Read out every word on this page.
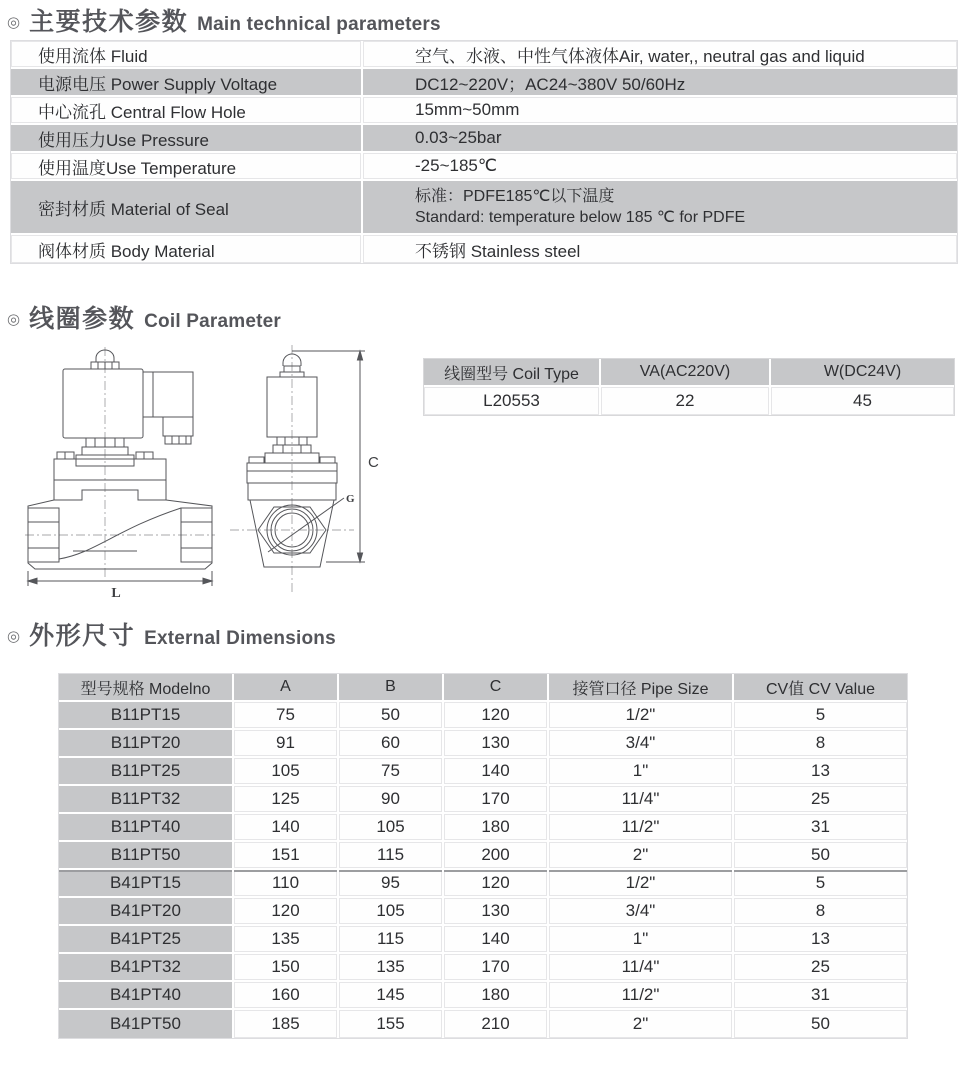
◎ 主要技术参数 Main technical parameters
使用流体 Fluid	空气、水液、中性气体液体Air, water,, neutral gas and liquid
电源电压 Power Supply Voltage	DC12~220V；AC24~380V 50/60Hz
中心流孔 Central Flow Hole	15mm~50mm
使用压力Use Pressure	0.03~25bar
使用温度Use Temperature	-25~185℃
密封材质 Material of Seal	标准：PDFE185℃以下温度
Standard: temperature below 185 ℃ for PDFE

阀体材质 Body Material	不锈钢 Stainless steel
◎ 线圈参数 Coil Parameter
L
G
C
线圈型号 Coil Type	VA(AC220V)	W(DC24V)
L20553	22	45
◎ 外形尺寸 External Dimensions
型号规格 Modelno	A	B	C	接管口径 Pipe Size	CV值 CV Value
B11PT15	75	50	120	1/2"	5
B11PT20	91	60	130	3/4"	8
B11PT25	105	75	140	1"	13
B11PT32	125	90	170	11/4"	25
B11PT40	140	105	180	11/2"	31
B11PT50	151	115	200	2"	50
B41PT15	110	95	120	1/2"	5
B41PT20	120	105	130	3/4"	8
B41PT25	135	115	140	1"	13
B41PT32	150	135	170	11/4"	25
B41PT40	160	145	180	11/2"	31
B41PT50	185	155	210	2"	50
